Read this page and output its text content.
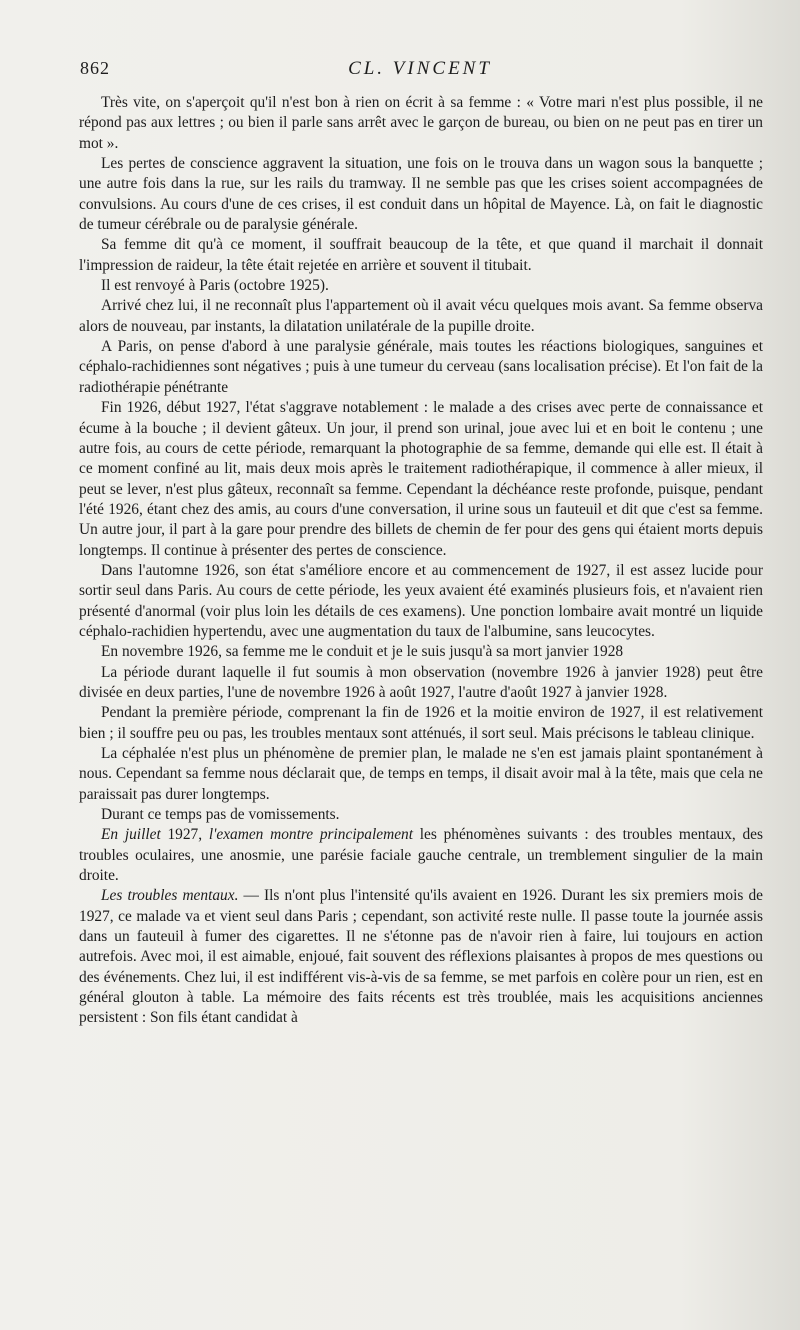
862	CL. VINCENT

Très vite, on s'aperçoit qu'il n'est bon à rien on écrit à sa femme : « Votre mari n'est plus possible, il ne répond pas aux lettres ; ou bien il parle sans arrêt avec le garçon de bureau, ou bien on ne peut pas en tirer un mot ».

Les pertes de conscience aggravent la situation, une fois on le trouva dans un wagon sous la banquette ; une autre fois dans la rue, sur les rails du tramway. Il ne semble pas que les crises soient accompagnées de convulsions. Au cours d'une de ces crises, il est conduit dans un hôpital de Mayence. Là, on fait le diagnostic de tumeur cérébrale ou de paralysie générale.

Sa femme dit qu'à ce moment, il souffrait beaucoup de la tête, et que quand il marchait il donnait l'impression de raideur, la tête était rejetée en arrière et souvent il titubait.

Il est renvoyé à Paris (octobre 1925).

Arrivé chez lui, il ne reconnaît plus l'appartement où il avait vécu quelques mois avant. Sa femme observa alors de nouveau, par instants, la dilatation unilatérale de la pupille droite.

A Paris, on pense d'abord à une paralysie générale, mais toutes les réactions biologiques, sanguines et céphalo-rachidiennes sont négatives ; puis à une tumeur du cerveau (sans localisation précise). Et l'on fait de la radiothérapie pénétrante

Fin 1926, début 1927, l'état s'aggrave notablement : le malade a des crises avec perte de connaissance et écume à la bouche ; il devient gâteux. Un jour, il prend son urinal, joue avec lui et en boit le contenu ; une autre fois, au cours de cette période, remarquant la photographie de sa femme, demande qui elle est. Il était à ce moment confiné au lit, mais deux mois après le traitement radiothérapique, il commence à aller mieux, il peut se lever, n'est plus gâteux, reconnaît sa femme. Cependant la déchéance reste profonde, puisque, pendant l'été 1926, étant chez des amis, au cours d'une conversation, il urine sous un fauteuil et dit que c'est sa femme. Un autre jour, il part à la gare pour prendre des billets de chemin de fer pour des gens qui étaient morts depuis longtemps. Il continue à présenter des pertes de conscience.

Dans l'automne 1926, son état s'améliore encore et au commencement de 1927, il est assez lucide pour sortir seul dans Paris. Au cours de cette période, les yeux avaient été examinés plusieurs fois, et n'avaient rien présenté d'anormal (voir plus loin les détails de ces examens). Une ponction lombaire avait montré un liquide céphalo-rachidien hypertendu, avec une augmentation du taux de l'albumine, sans leucocytes.

En novembre 1926, sa femme me le conduit et je le suis jusqu'à sa mort janvier 1928

La période durant laquelle il fut soumis à mon observation (novembre 1926 à janvier 1928) peut être divisée en deux parties, l'une de novembre 1926 à août 1927, l'autre d'août 1927 à janvier 1928.

Pendant la première période, comprenant la fin de 1926 et la moitie environ de 1927, il est relativement bien ; il souffre peu ou pas, les troubles mentaux sont atténués, il sort seul. Mais précisons le tableau clinique.

La céphalée n'est plus un phénomène de premier plan, le malade ne s'en est jamais plaint spontanément à nous. Cependant sa femme nous déclarait que, de temps en temps, il disait avoir mal à la tête, mais que cela ne paraissait pas durer longtemps.

Durant ce temps pas de vomissements.

En juillet 1927, l'examen montre principalement les phénomènes suivants : des troubles mentaux, des troubles oculaires, une anosmie, une parésie faciale gauche centrale, un tremblement singulier de la main droite.

Les troubles mentaux. — Ils n'ont plus l'intensité qu'ils avaient en 1926. Durant les six premiers mois de 1927, ce malade va et vient seul dans Paris ; cependant, son activité reste nulle. Il passe toute la journée assis dans un fauteuil à fumer des cigarettes. Il ne s'étonne pas de n'avoir rien à faire, lui toujours en action autrefois. Avec moi, il est aimable, enjoué, fait souvent des réflexions plaisantes à propos de mes questions ou des événements. Chez lui, il est indifférent vis-à-vis de sa femme, se met parfois en colère pour un rien, est en général glouton à table. La mémoire des faits récents est très troublée, mais les acquisitions anciennes persistent : Son fils étant candidat à
